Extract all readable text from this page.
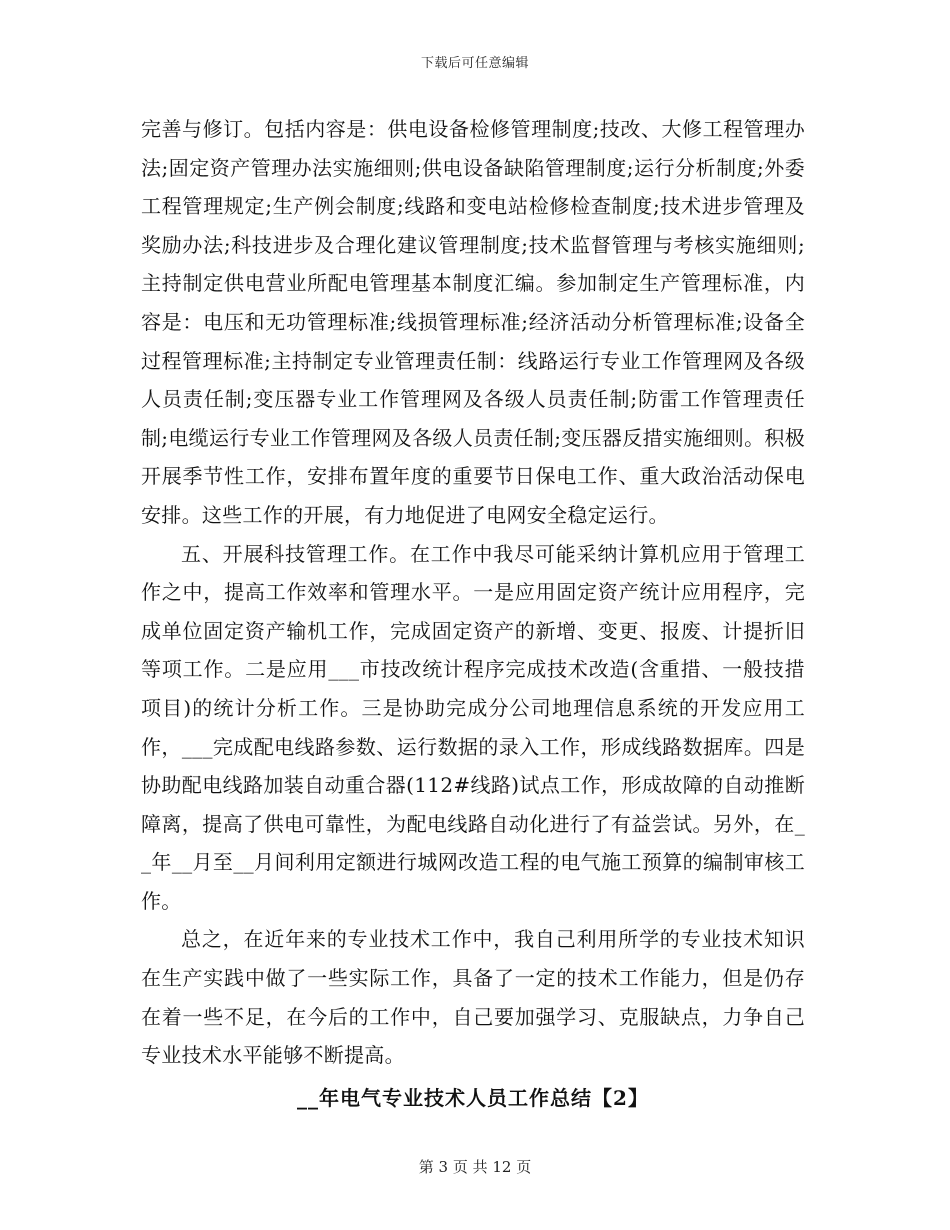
下载后可任意编辑

完善与修订。包括内容是：供电设备检修管理制度;技改、大修工程管理办法;固定资产管理办法实施细则;供电设备缺陷管理制度;运行分析制度;外委工程管理规定;生产例会制度;线路和变电站检修检查制度;技术进步管理及奖励办法;科技进步及合理化建议管理制度;技术监督管理与考核实施细则;主持制定供电营业所配电管理基本制度汇编。参加制定生产管理标准，内容是：电压和无功管理标准;线损管理标准;经济活动分析管理标准;设备全过程管理标准;主持制定专业管理责任制：线路运行专业工作管理网及各级人员责任制;变压器专业工作管理网及各级人员责任制;防雷工作管理责任制;电缆运行专业工作管理网及各级人员责任制;变压器反措实施细则。积极开展季节性工作，安排布置年度的重要节日保电工作、重大政治活动保电安排。这些工作的开展，有力地促进了电网安全稳定运行。

五、开展科技管理工作。在工作中我尽可能采纳计算机应用于管理工作之中，提高工作效率和管理水平。一是应用固定资产统计应用程序，完成单位固定资产输机工作，完成固定资产的新增、变更、报废、计提折旧等项工作。二是应用___市技改统计程序完成技术改造(含重措、一般技措项目)的统计分析工作。三是协助完成分公司地理信息系统的开发应用工作，___完成配电线路参数、运行数据的录入工作，形成线路数据库。四是协助配电线路加装自动重合器(112#线路)试点工作，形成故障的自动推断障离，提高了供电可靠性，为配电线路自动化进行了有益尝试。另外，在__年__月至__月间利用定额进行城网改造工程的电气施工预算的编制审核工作。

总之，在近年来的专业技术工作中，我自己利用所学的专业技术知识在生产实践中做了一些实际工作，具备了一定的技术工作能力，但是仍存在着一些不足，在今后的工作中，自己要加强学习、克服缺点，力争自己专业技术水平能够不断提高。

__年电气专业技术人员工作总结【2】
第 3 页 共 12 页
